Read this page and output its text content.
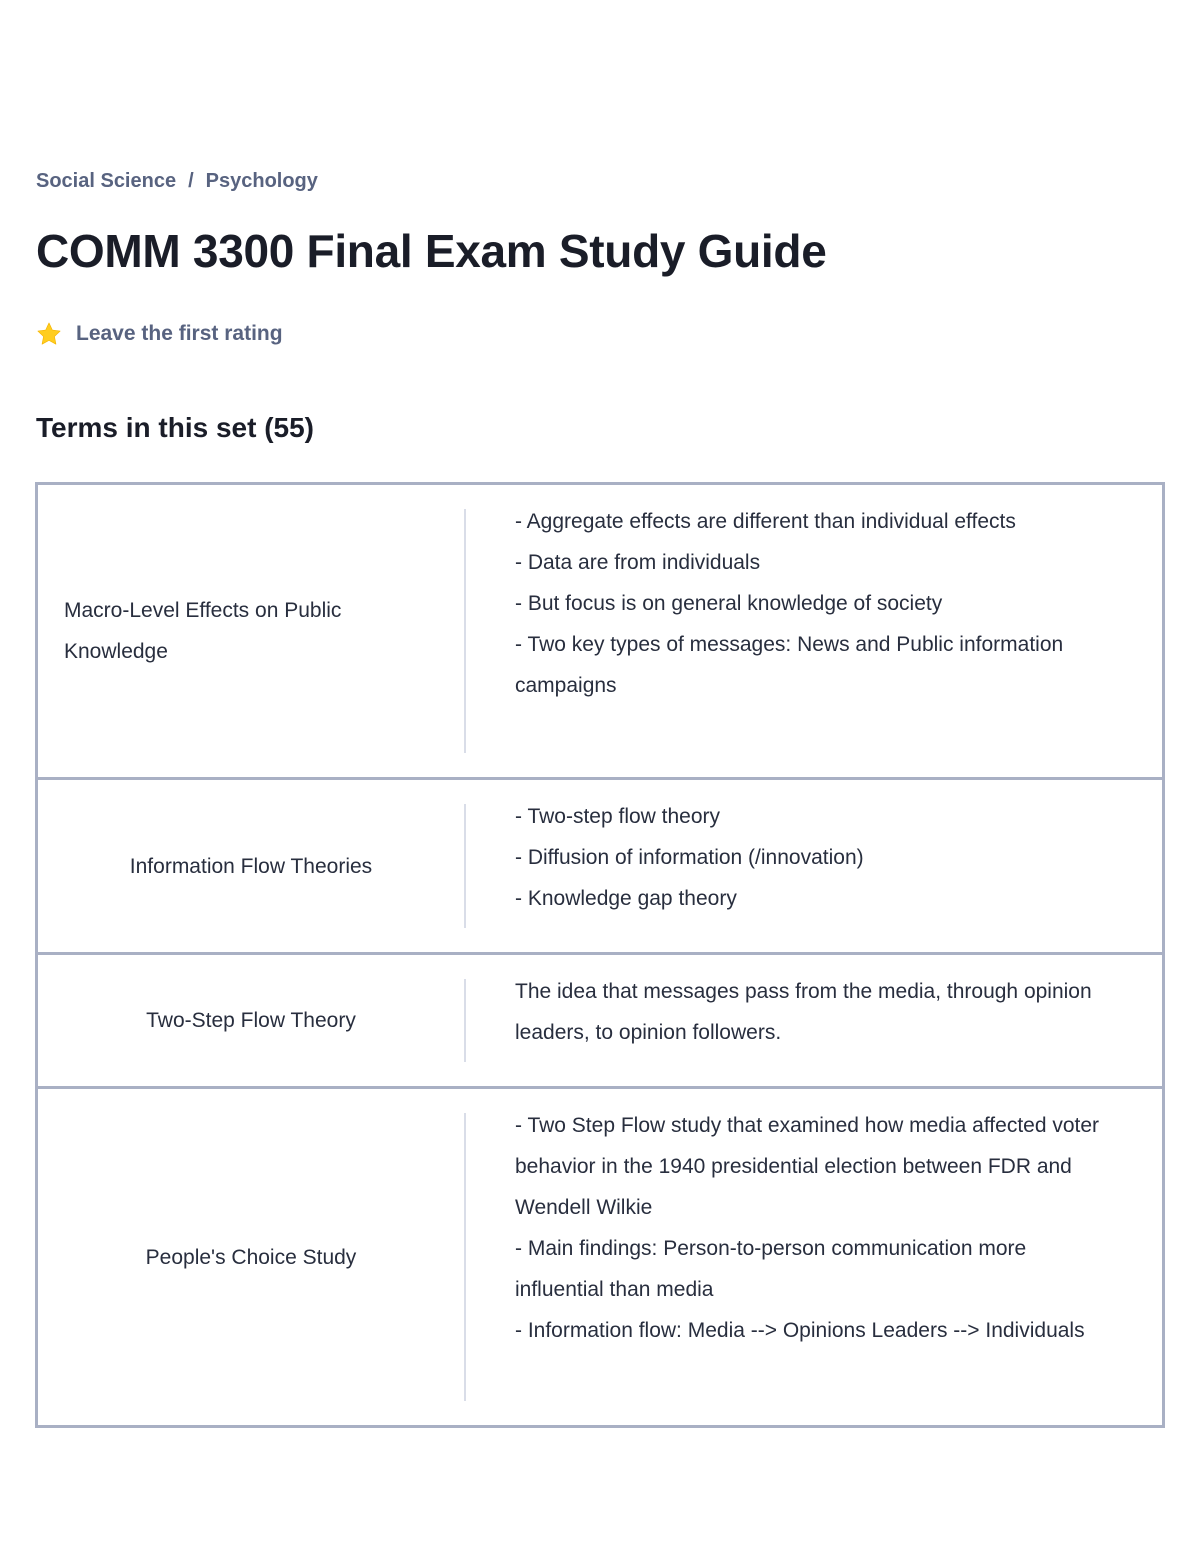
Social Science / Psychology
COMM 3300 Final Exam Study Guide
Leave the first rating
Terms in this set (55)
Macro-Level Effects on Public Knowledge
- Aggregate effects are different than individual effects
- Data are from individuals
- But focus is on general knowledge of society
- Two key types of messages: News and Public information campaigns
Information Flow Theories
- Two-step flow theory
- Diffusion of information (/innovation)
- Knowledge gap theory
Two-Step Flow Theory
The idea that messages pass from the media, through opinion leaders, to opinion followers.
People's Choice Study
- Two Step Flow study that examined how media affected voter behavior in the 1940 presidential election between FDR and Wendell Wilkie
- Main findings: Person-to-person communication more influential than media
- Information flow: Media --> Opinions Leaders --> Individuals
